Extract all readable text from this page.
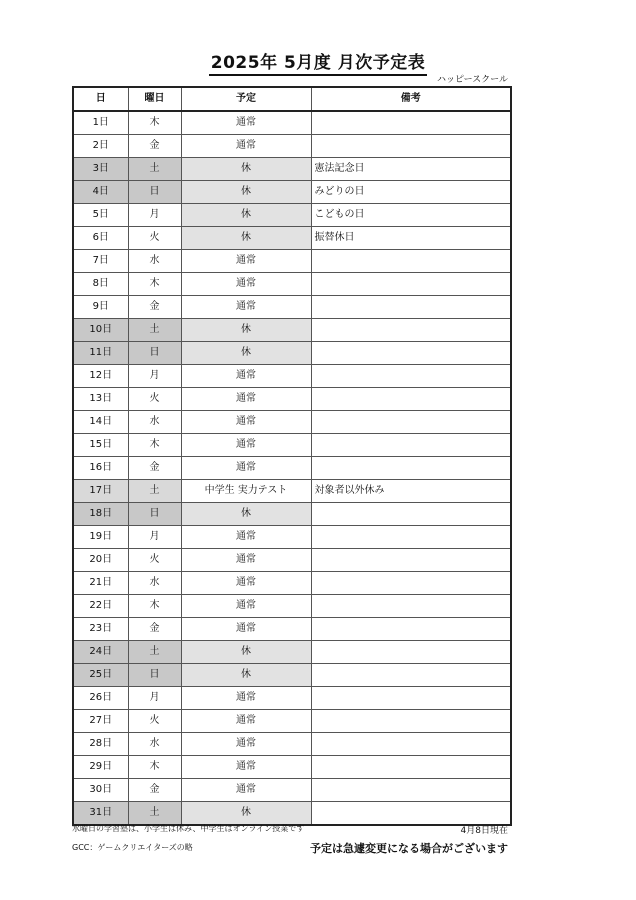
2025年 5月度 月次予定表
ハッピースクール
日	曜日	予定	備考
1日	木	通常	
2日	金	通常	
3日	土	休	憲法記念日
4日	日	休	みどりの日
5日	月	休	こどもの日
6日	火	休	振替休日
7日	水	通常	
8日	木	通常	
9日	金	通常	
10日	土	休	
11日	日	休	
12日	月	通常	
13日	火	通常	
14日	水	通常	
15日	木	通常	
16日	金	通常	
17日	土	中学生 実力テスト	対象者以外休み
18日	日	休	
19日	月	通常	
20日	火	通常	
21日	水	通常	
22日	木	通常	
23日	金	通常	
24日	土	休	
25日	日	休	
26日	月	通常	
27日	火	通常	
28日	水	通常	
29日	木	通常	
30日	金	通常	
31日	土	休	
水曜日の学習塾は、小学生は休み、中学生はオンライン授業です	4月8日現在
GCC：ゲームクリエイターズの略	予定は急遽変更になる場合がございます
